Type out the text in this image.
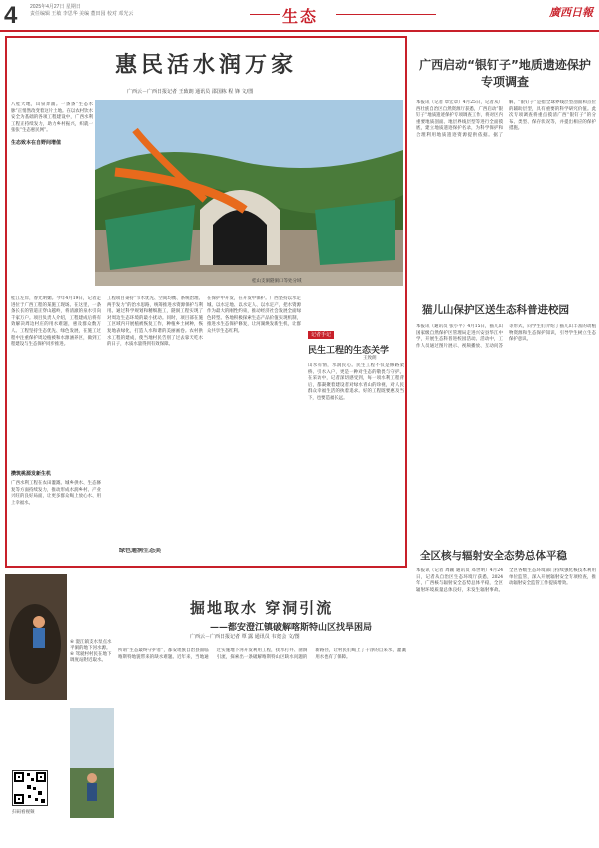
4	2025年4月27日 星期日
责任编辑 王敏 李思华 美编 董田园 校对 邓光云	生态	廣西日報
惠民活水润万家
广西云－广西日报记者 王致朗 通讯员 邵国栋 程 锋 文/图
桂山支洞隧洞口等处分域
八桂大地，山泉奔涌。一条条“生态水脉”正悄然改变着这片土地。在以农村饮水安全为基础的各项工程建设中，广西水利工程正持续发力，助力乡村振兴，织就一张张“生态惠民网”。
生态致本在自野间增值
桂江左岸，春光明媚。今年4月19日，记者走进位于广西工程的某施工现场。在这里，一条条长长的管道正穿山越岭，将清澈的泉水引向千家万户。项目负责人介绍，工程建成后将有效解决周边村庄的用水难题，惠及群众数万人。工程坚持生态优先、绿色发展，在施工过程中注重保护周边植被和水源涵养区，做到工程建设与生态保护同步推进。
攒筑桃源发新生机
广西水利工程在农田灌溉、城乡供水、生态修复等方面持续发力，推动形成水润乡村、产业兴旺的良好局面，让更多群众喝上放心水、用上幸福水。
工程项目秉持“节水优先、空间均衡、系统治理、两手发力”的治水思路，统筹推进水资源保护与利用。通过科学规划和精细施工，隧洞工程实现了对周边生态环境的最小扰动。同时，项目部在施工区域内开展植被恢复工作，种植乡土树种，恢复地表绿化，打造人水和谐的美丽画卷。农村供水工程的建成，使当地村民告别了过去靠天吃水的日子，水质水量得到有效保障。
绿色通润生态美
在保护中开发，在开发中保护。广西坚持以水定城、以水定地、以水定人、以水定产，把水资源作为最大的刚性约束，推动经济社会发展全面绿色转型。各地积极探索生态产品价值实现机制，推进水生态保护修复，让河湖焕发新生机，让群众共享生态红利。
记者手记
民生工程的生态关学
王致朗
山水有情，水润民心。民生工程不仅是修路架桥、引水入户，更是一种对生态的敬畏与守护。在采访中，记者深切感受到，每一项水利工程背后，都凝聚着建设者对绿水青山的珍视，对人民群众幸福生活的执着追求。好的工程既要惠及当下，也要造福长远。
广西启动“银钉子”地质遗迹保护专项调查
本报讯（记者 覃宏章）4月25日，记者从广西壮族自治区自然资源厅获悉，广西启动“银钉子”地质遗迹保护专项调查工作，将对区内重要地质剖面、地层界线层型等进行全面摸底，建立地质遗迹保护名录，为科学保护和合理利用地质遗迹资源提供依据。据了解，“银钉子”是指全球界线层型剖面和点位的辅助层型，具有重要的科学研究价值。此次专项调查将重点摸清广西“银钉子”的分布、类型、保存状况等，并提出相应的保护措施。
猫儿山保护区送生态科普进校园
本报讯（通讯员 张小平）4月15日，猫儿山国家级自然保护区管理局走进兴安县华江中学，开展生态科普进校园活动。活动中，工作人员通过图片展示、视频播放、互动问答等形式，向学生们介绍了猫儿山丰富的动植物资源和生态保护知识，引导学生树立生态保护意识。
全区核与辐射安全态势总体平稳
本报讯（记者 周颖 通讯员 邓世明）4月24日，记者从自治区生态环境厅获悉，2024年，广西核与辐射安全态势总体平稳，全区辐射环境质量总体良好，未发生辐射事故。全区各级生态环境部门持续强化核技术利用单位监管，深入开展辐射安全专项检查，推动辐射安全监管工作提质增效。
掘地取水 穿洞引流
——都安澄江镇破解喀斯特山区找旱困局
广西云－广西日报记者 覃 露 通讯员 韦宽会 文/图
⑥ 澄江镇支水泵点水平洞的地下河水源。⑥ 驾驶村村民在地下调度站附近取水。
扫码看视频
所谓“生态最终守护者”，都安瑶族自治县面临喀斯特地貌带来的缺水难题。近年来，当地通过实施地下河开发利用工程，找水打井、凿洞引流，探索出一条破解喀斯特山区缺水问题的新路径，让村民们喝上了干净的自来水，灌溉用水也有了保障。
